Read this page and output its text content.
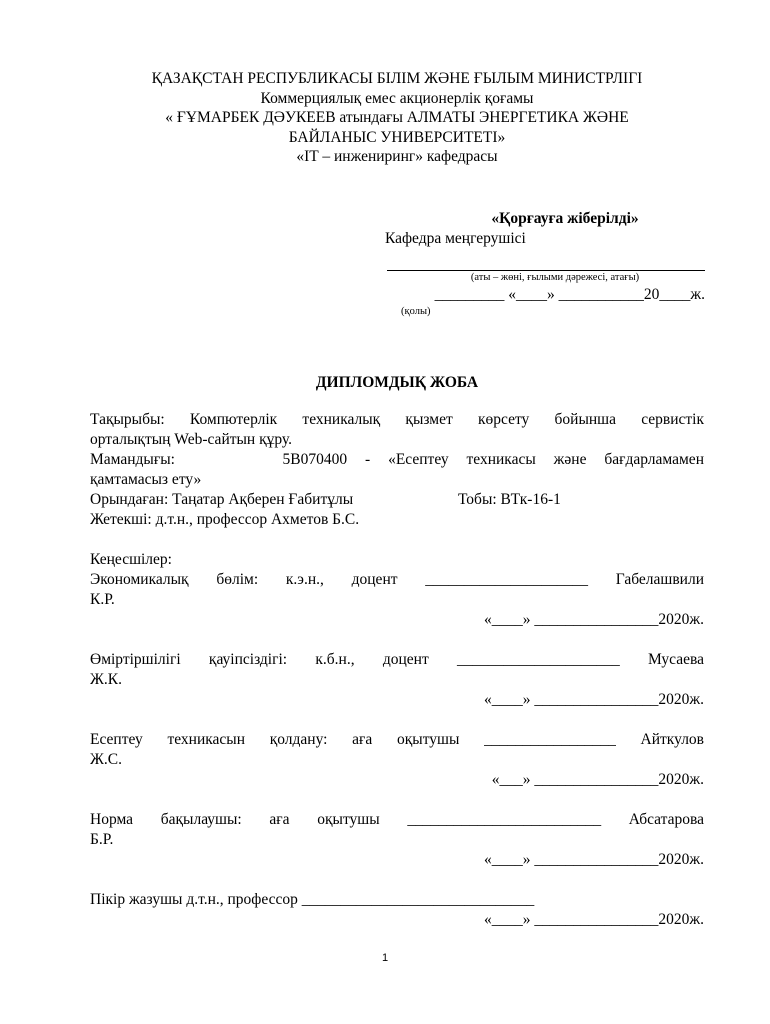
ҚАЗАҚСТАН РЕСПУБЛИКАСЫ БІЛІМ ЖӘНЕ ҒЫЛЫМ МИНИСТРЛІГІ
Коммерциялық емес акционерлік қоғамы
« ҒҰМАРБЕК ДӘУКЕЕВ атындағы АЛМАТЫ ЭНЕРГЕТИКА ЖӘНЕ
БАЙЛАНЫС УНИВЕРСИТЕТІ»
«IT – инжениринг» кафедрасы
«Қорғауға жіберілді»
Кафедра меңгерушісі
(аты – жөні, ғылыми дәрежесі, атағы)
_________ «____» ___________20____ж.
(қолы)
ДИПЛОМДЫҚ ЖОБА
Тақырыбы: Компютерлік техникалық қызмет көрсету бойынша сервистік
орталықтың Web-сайтын құру.
Мамандығы:      5В070400 - «Есептеу техникасы және бағдарламамен
қамтамасыз ету»
Орындаған: Таңатар Ақберен Ғабитұлы	Тобы: ВТк-16-1
Жетекші: д.т.н., профессор Ахметов Б.С.
Кеңесшілер:
Экономикалық бөлім: к.э.н., доцент _____________________ Габелашвили
К.Р.
«____» ________________2020ж.
Өміртіршілігі қауіпсіздігі: к.б.н., доцент _____________________ Мусаева
Ж.К.
«____» ________________2020ж.
Есептеу техникасын қолдану: аға оқытушы _________________ Айткулов
Ж.С.
«___» ________________2020ж.
Норма бақылаушы: аға оқытушы _________________________ Абсатарова
Б.Р.
«____» ________________2020ж.
Пікір жазушы д.т.н., профессор ______________________________
«____» ________________2020ж.
1
